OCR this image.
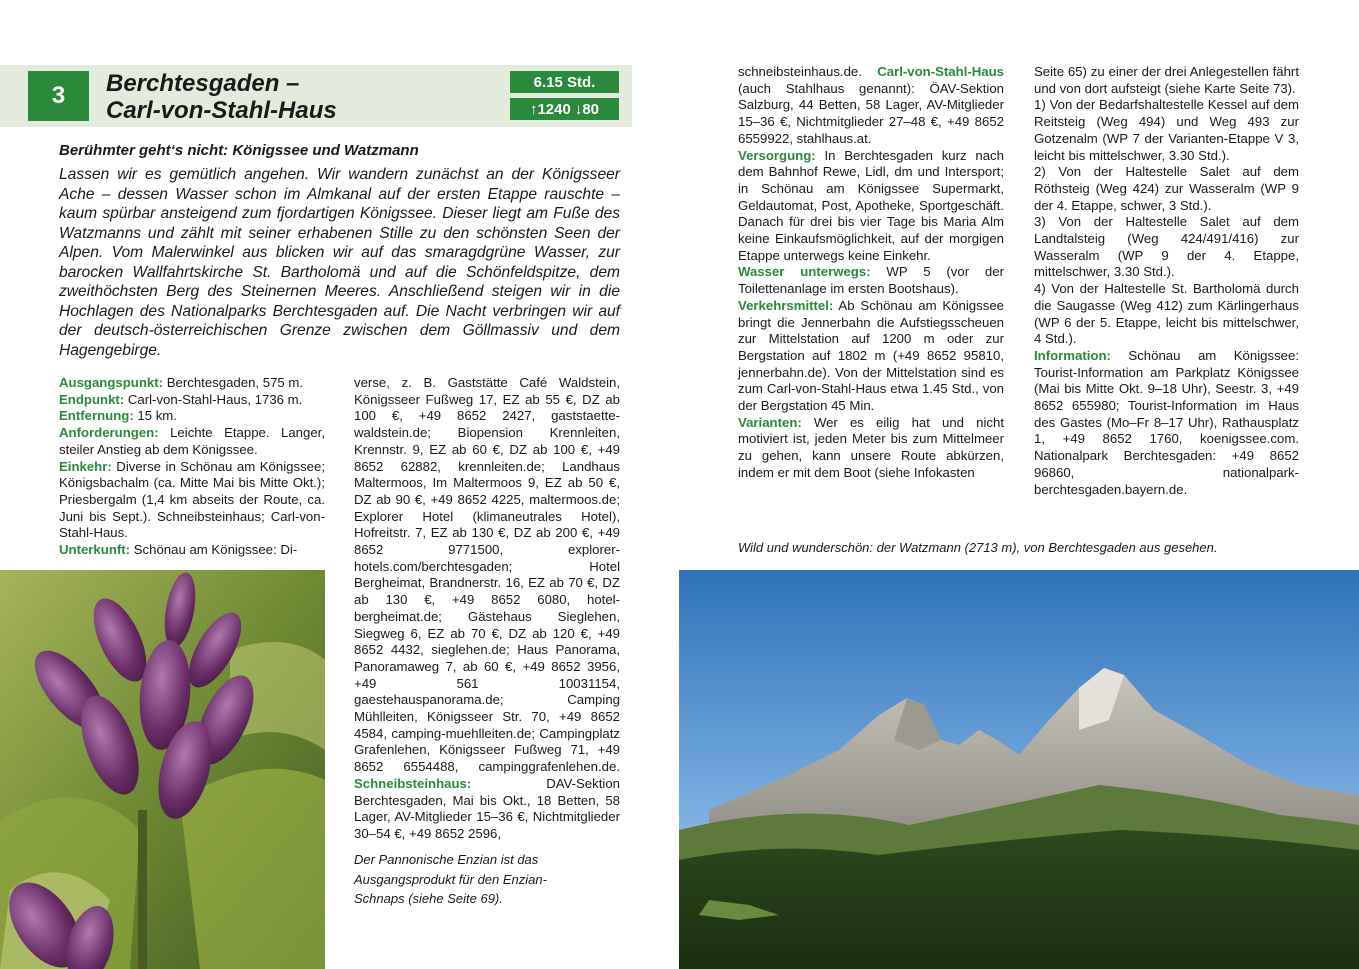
3 Berchtesgaden –
Carl-von-Stahl-Haus
6.15 Std.
↑ 1240 ↓ 80
Berühmter geht‘s nicht: Königssee und Watzmann

Lassen wir es gemütlich angehen. Wir wandern zunächst an der Königsseer Ache – dessen Wasser schon im Almkanal auf der ersten Etappe rauschte – kaum spürbar ansteigend zum fjordartigen Königssee. Dieser liegt am Fuße des Watzmanns und zählt mit seiner erhabenen Stille zu den schönsten Seen der Alpen. Vom Malerwinkel aus blicken wir auf das smaragdgrüne Wasser, zur barocken Wallfahrtskirche St. Bartholomä und auf die Schönfeldspitze, dem zweithöchsten Berg des Steinernen Meeres. Anschließend steigen wir in die Hochlagen des Nationalparks Berchtesgaden auf. Die Nacht verbringen wir auf der deutsch-österreichischen Grenze zwischen dem Göllmassiv und dem Hagengebirge.

Ausgangspunkt: Berchtesgaden, 575 m.

Endpunkt: Carl-von-Stahl-Haus, 1736 m.

Entfernung: 15 km.

Anforderungen: Leichte Etappe. Langer, steiler Anstieg ab dem Königssee.

Einkehr: Diverse in Schönau am Königssee; Königsbachalm (ca. Mitte Mai bis Mitte Okt.); Priesbergalm (1,4 km abseits der Route, ca. Juni bis Sept.). Schneibsteinhaus; Carl-von-Stahl-Haus.

Unterkunft: Schönau am Königssee: Di-

verse, z. B. Gaststätte Café Waldstein, Königsseer Fußweg 17, EZ ab 55 €, DZ ab 100 €, +49 8652 2427, gaststaette-waldstein.de; Biopension Krennleiten, Krennstr. 9, EZ ab 60 €, DZ ab 100 €, +49 8652 62882, krennleiten.de; Landhaus Maltermoos, Im Maltermoos 9, EZ ab 50 €, DZ ab 90 €, +49 8652 4225, maltermoos.de; Explorer Hotel (klimaneutrales Hotel), Hofreitstr. 7, EZ ab 130 €, DZ ab 200 €, +49 8652 9771500, explorer-hotels.com/berchtesgaden; Hotel Bergheimat, Brandnerstr. 16, EZ ab 70 €, DZ ab 130 €, +49 8652 6080, hotel-bergheimat.de; Gästehaus Sieglehen, Siegweg 6, EZ ab 70 €, DZ ab 120 €, +49 8652 4432, sieglehen.de; Haus Panorama, Panoramaweg 7, ab 60 €, +49 8652 3956, +49 561 10031154, gaestehauspanorama.de; Camping Mühlleiten, Königsseer Str. 70, +49 8652 4584, camping-muehlleiten.de; Campingplatz Grafenlehen, Königsseer Fußweg 71, +49 8652 6554488, campinggrafenlehen.de. Schneibsteinhaus: DAV-Sektion Berchtesgaden, Mai bis Okt., 18 Betten, 58 Lager, AV-Mitglieder 15–36 €, Nichtmitglieder 30–54 €, +49 8652 2596,

Der Pannonische Enzian ist das Ausgangsprodukt für den Enzian-Schnaps (siehe Seite 69).

schneibsteinhaus.de. Carl-von-Stahl-Haus (auch Stahlhaus genannt): ÖAV-Sektion Salzburg, 44 Betten, 58 Lager, AV-Mitglieder 15–36 €, Nichtmitglieder 27–48 €, +49 8652 6559922, stahlhaus.at.

Versorgung: In Berchtesgaden kurz nach dem Bahnhof Rewe, Lidl, dm und Intersport; in Schönau am Königssee Supermarkt, Geldautomat, Post, Apotheke, Sportgeschäft. Danach für drei bis vier Tage bis Maria Alm keine Einkaufsmöglichkeit, auf der morgigen Etappe unterwegs keine Einkehr.

Wasser unterwegs: WP 5 (vor der Toilettenanlage im ersten Bootshaus).

Verkehrsmittel: Ab Schönau am Königssee bringt die Jennerbahn die Aufstiegsscheuen zur Mittelstation auf 1200 m oder zur Bergstation auf 1802 m (+49 8652 95810, jennerbahn.de). Von der Mittelstation sind es zum Carl-von-Stahl-Haus etwa 1.45 Std., von der Bergstation 45 Min.

Varianten: Wer es eilig hat und nicht motiviert ist, jeden Meter bis zum Mittelmeer zu gehen, kann unsere Route abkürzen, indem er mit dem Boot (siehe Infokasten

Seite 65) zu einer der drei Anlegestellen fährt und von dort aufsteigt (siehe Karte Seite 73).

1) Von der Bedarfshaltestelle Kessel auf dem Reitsteig (Weg 494) und Weg 493 zur Gotzenalm (WP 7 der Varianten-Etappe V 3, leicht bis mittelschwer, 3.30 Std.).

2) Von der Haltestelle Salet auf dem Röthsteig (Weg 424) zur Wasseralm (WP 9 der 4. Etappe, schwer, 3 Std.).

3) Von der Haltestelle Salet auf dem Landtalsteig (Weg 424/491/416) zur Wasseralm (WP 9 der 4. Etappe, mittelschwer, 3.30 Std.).

4) Von der Haltestelle St. Bartholomä durch die Saugasse (Weg 412) zum Kärlingerhaus (WP 6 der 5. Etappe, leicht bis mittelschwer, 4 Std.).

Information: Schönau am Königssee: Tourist-Information am Parkplatz Königssee (Mai bis Mitte Okt. 9–18 Uhr), Seestr. 3, +49 8652 655980; Tourist-Information im Haus des Gastes (Mo–Fr 8–17 Uhr), Rathausplatz 1, +49 8652 1760, koenigssee.com. Nationalpark Berchtesgaden: +49 8652 96860, nationalpark-berchtesgaden.bayern.de.

Wild und wunderschön: der Watzmann (2713 m), von Berchtesgaden aus gesehen.
